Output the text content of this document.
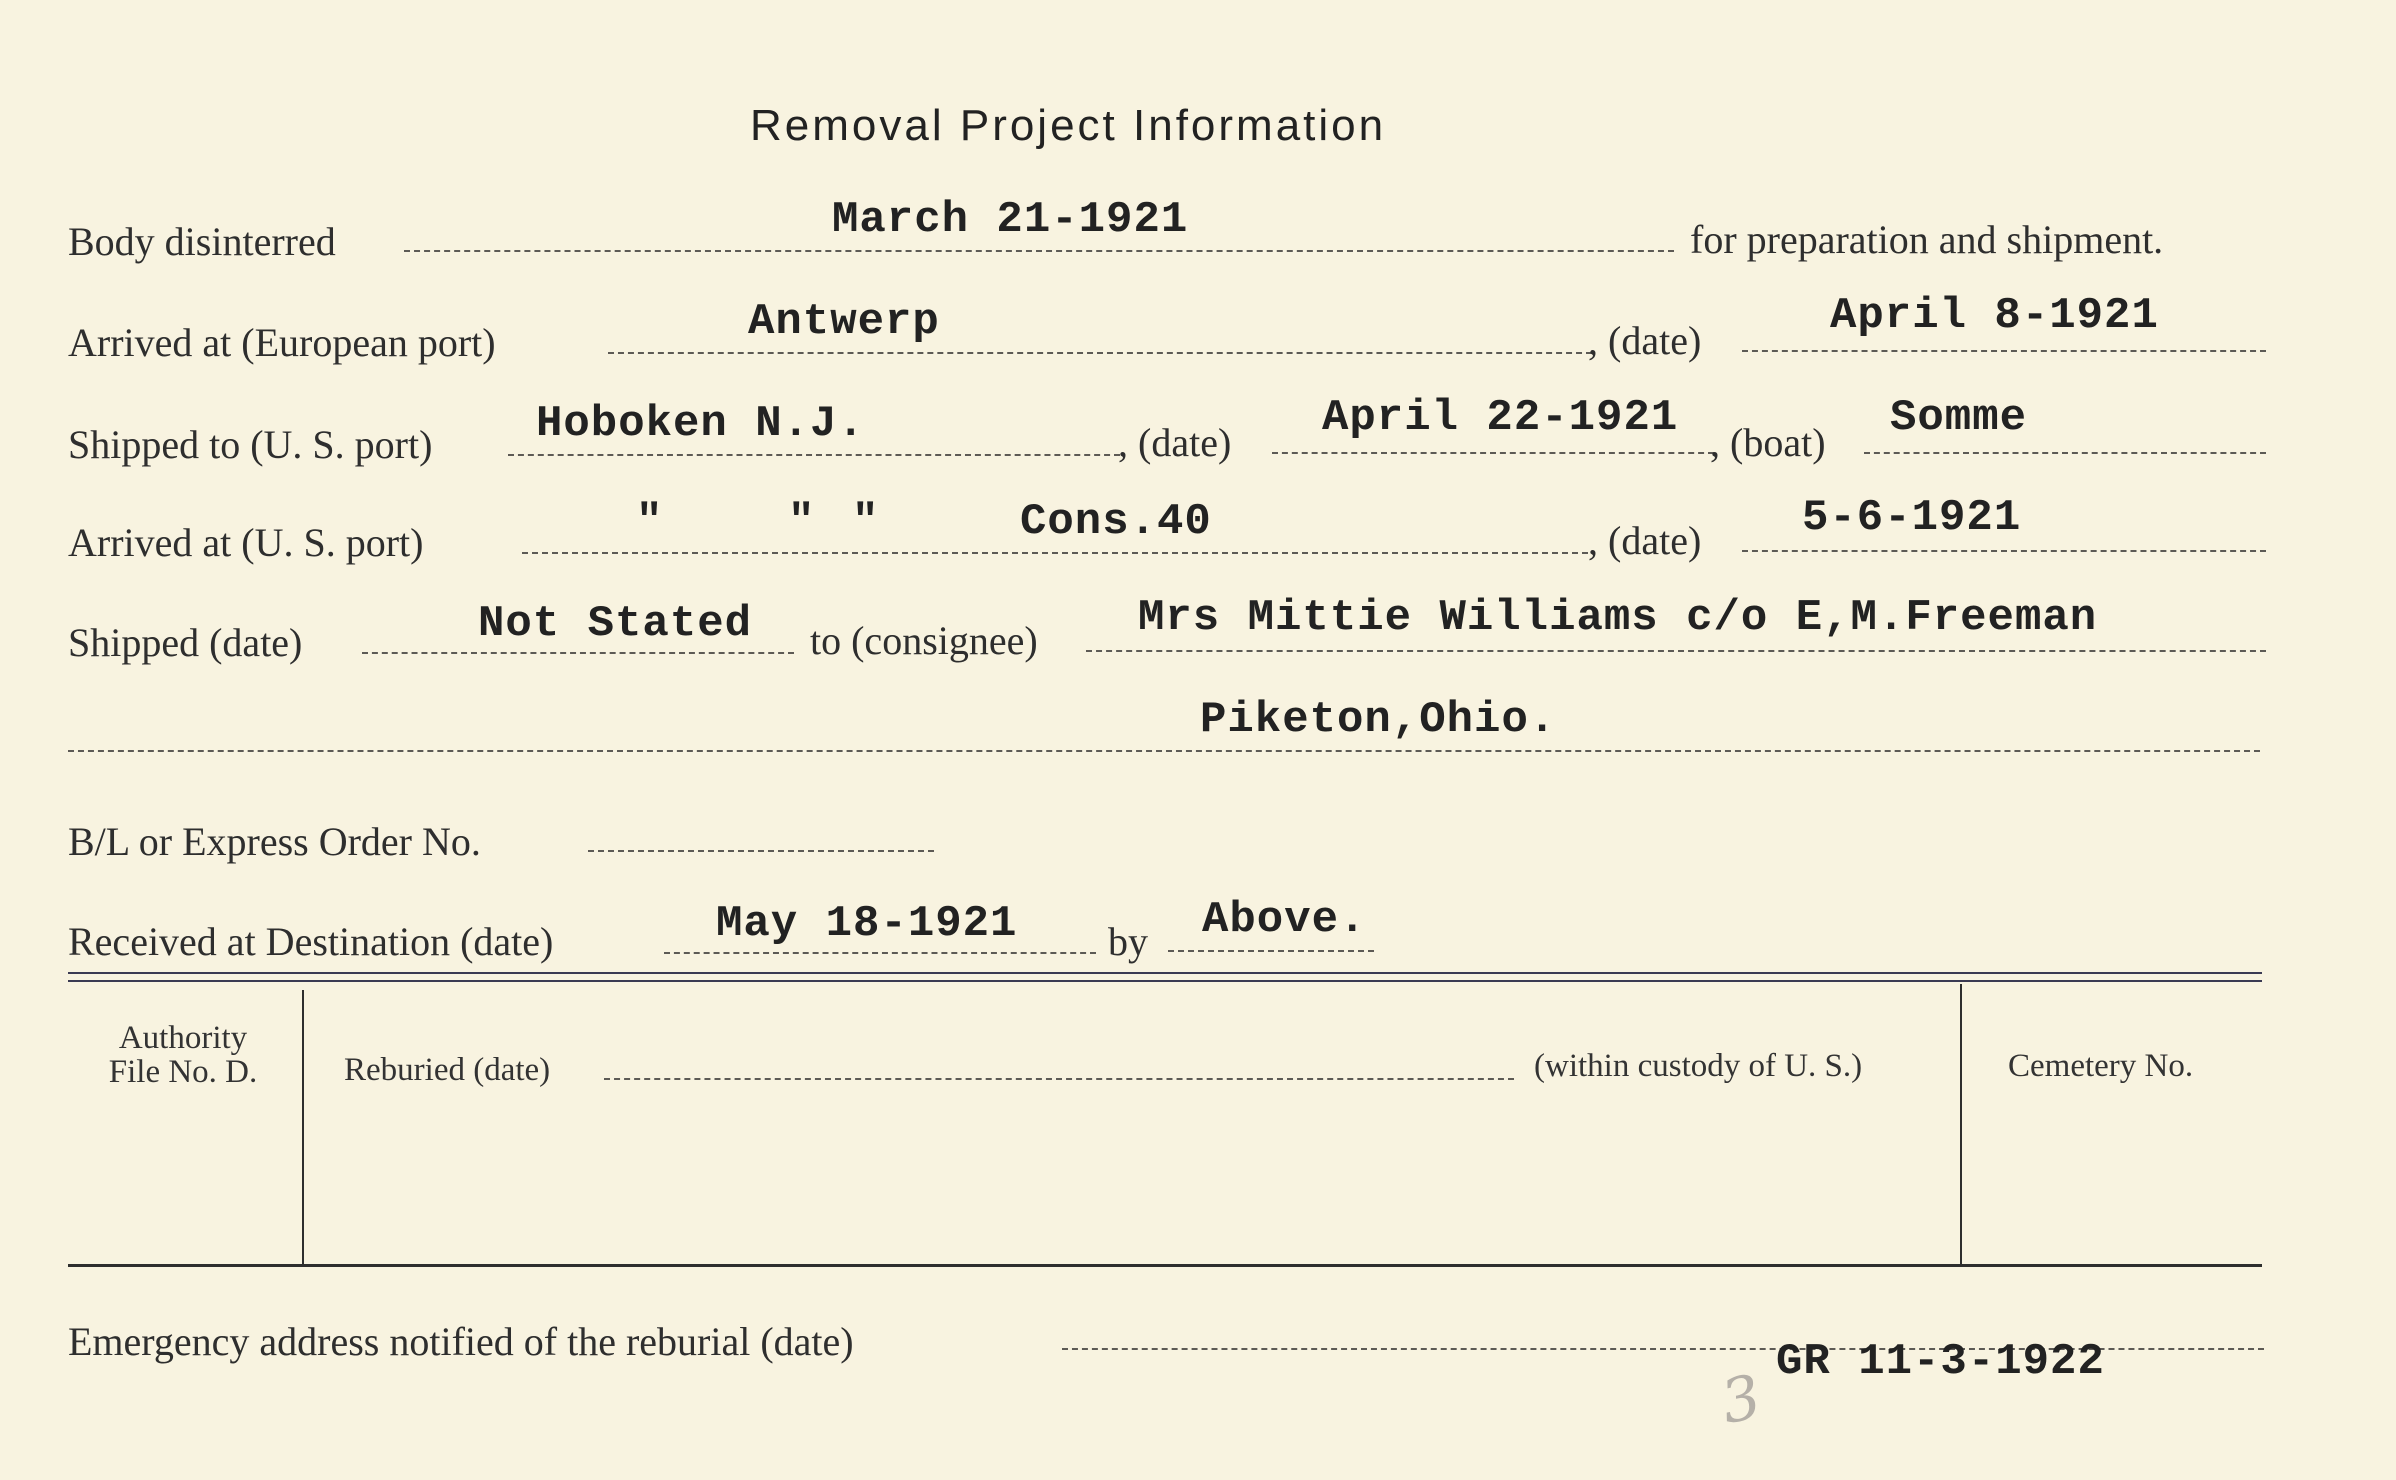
Removal Project Information
Body disinterred	March 21-1921	for preparation and shipment.
Arrived at (European port)	Antwerp	, (date)	April 8-1921
Shipped to (U. S. port) Hoboken N.J.	, (date) April 22-1921 , (boat) Somme
Arrived at (U. S. port)	"	" "	Cons.40	, (date) 5-6-1921
Shipped (date)	Not Stated to (consignee) Mrs Mittie Williams c/o E,M.Freeman
Piketon,Ohio.
B/L or Express Order No.
Received at Destination (date)	May 18-1921 by Above.
Authority
File No. D.	Reburied (date)	(within custody of U. S.)	Cemetery No.
Emergency address notified of the reburial (date)	GR 11-3-1922
3
